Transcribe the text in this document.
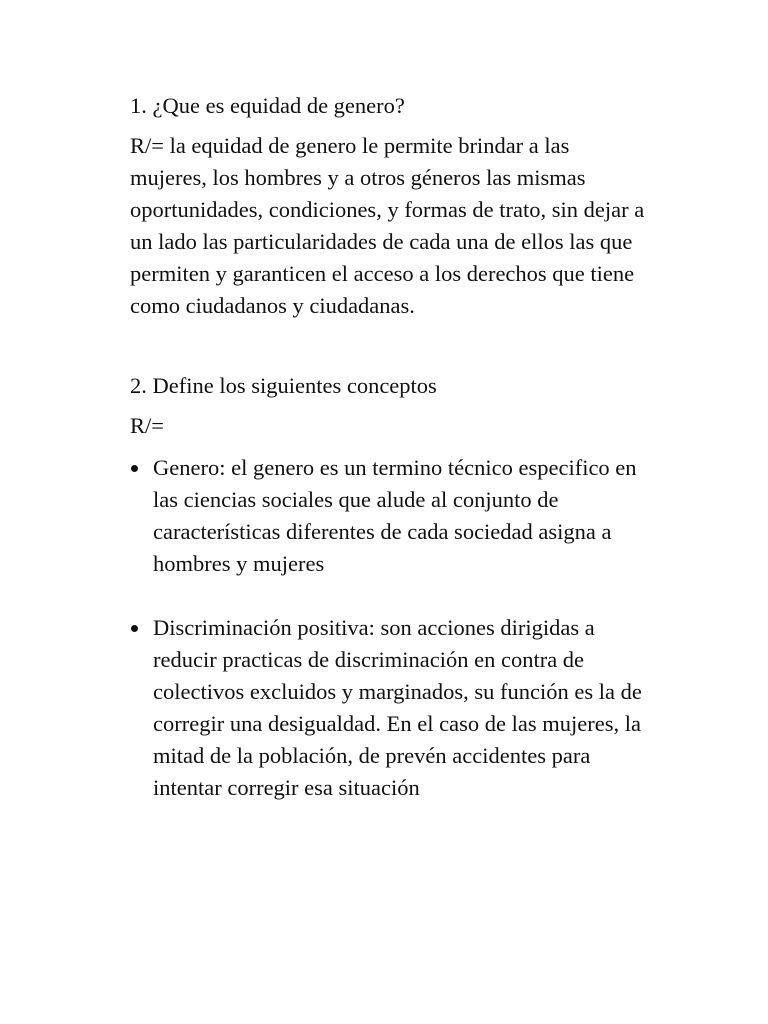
1. ¿Que es equidad de genero?

R/= la equidad de genero le permite brindar a las mujeres, los hombres y a otros géneros las mismas oportunidades, condiciones, y formas de trato, sin dejar a un lado las particularidades de cada una de ellos las que permiten y garanticen el acceso a los derechos que tiene como ciudadanos y ciudadanas.

2. Define los siguientes conceptos

R/=

Genero: el genero es un termino técnico especifico en las ciencias sociales que alude al conjunto de características diferentes de cada sociedad asigna a hombres y mujeres
Discriminación positiva: son acciones dirigidas a reducir practicas de discriminación en contra de colectivos excluidos y marginados, su función es la de corregir una desigualdad. En el caso de las mujeres, la mitad de la población, de prevén accidentes para intentar corregir esa situación
